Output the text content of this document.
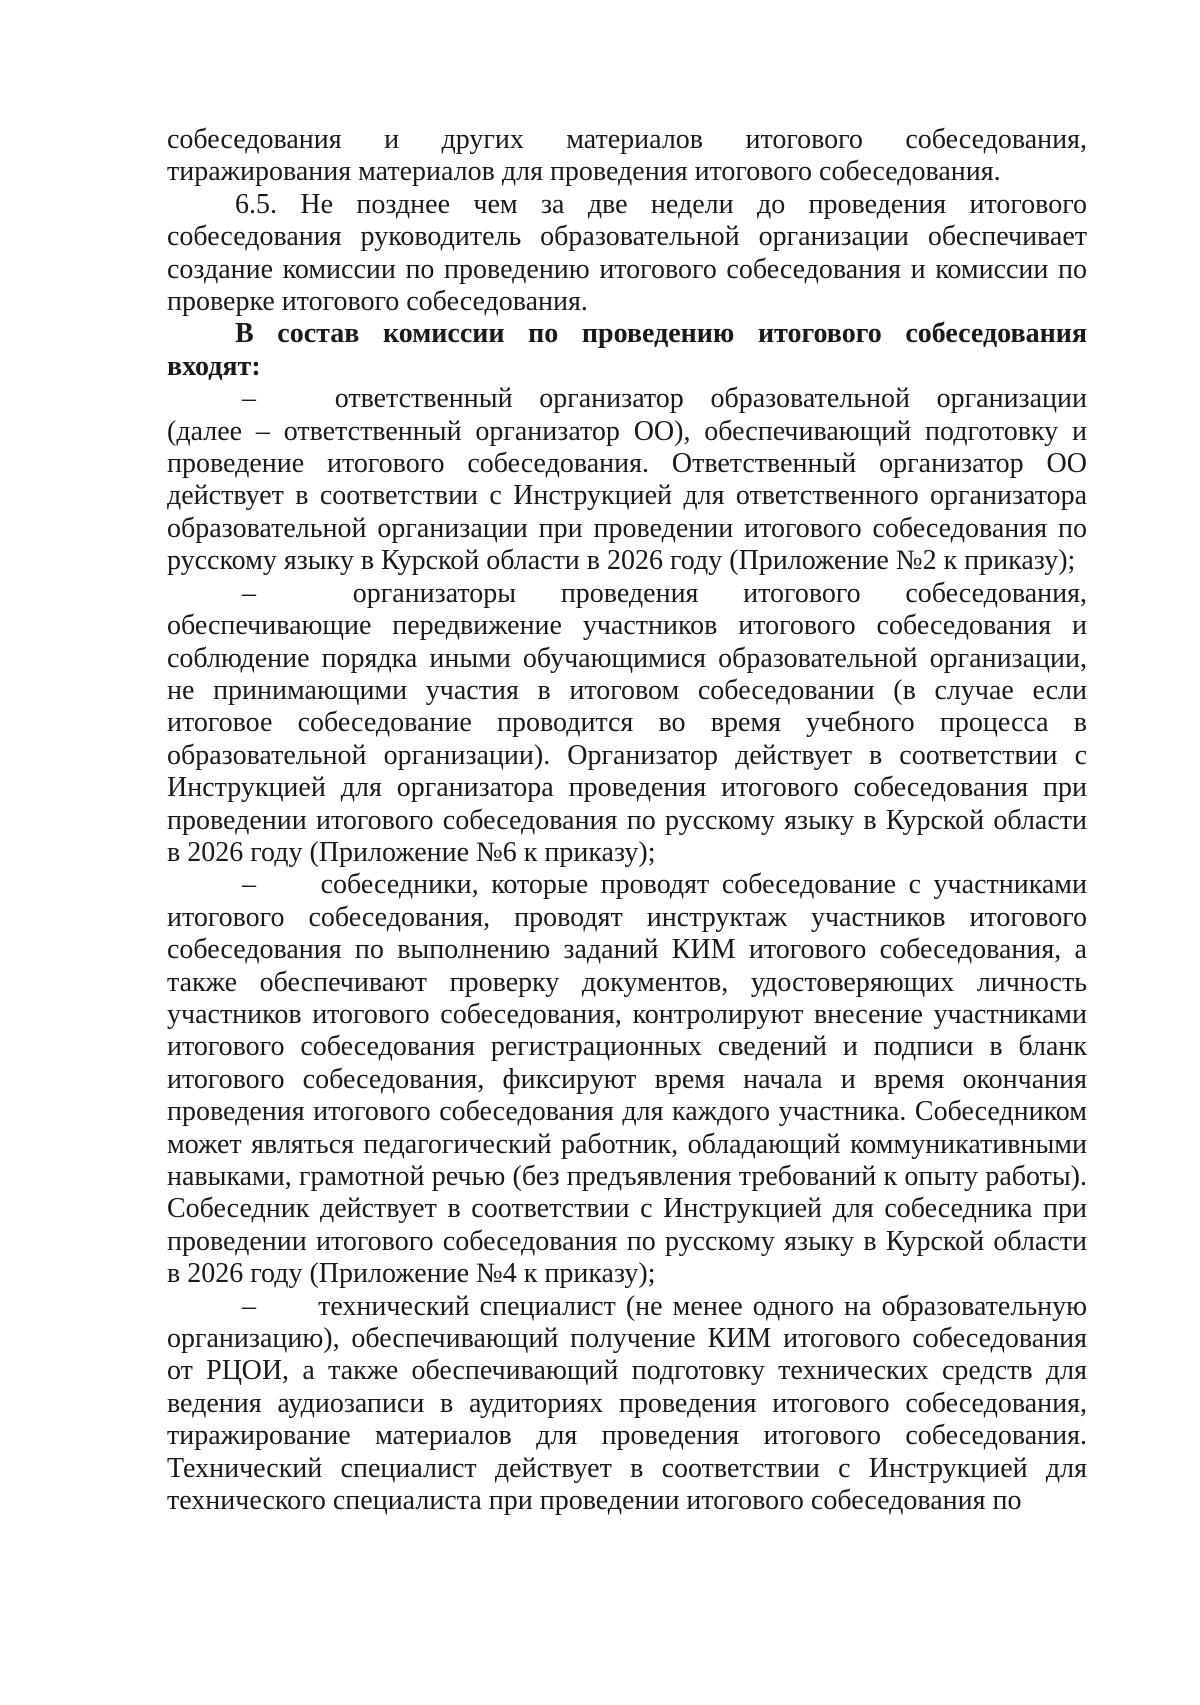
собеседования и других материалов итогового собеседования, тиражирования материалов для проведения итогового собеседования.

6.5. Не позднее чем за две недели до проведения итогового собеседования руководитель образовательной организации обеспечивает создание комиссии по проведению итогового собеседования и комиссии по проверке итогового собеседования.

В состав комиссии по проведению итогового собеседования входят:

–	ответственный организатор образовательной организации (далее – ответственный организатор ОО), обеспечивающий подготовку и проведение итогового собеседования. Ответственный организатор ОО действует в соответствии с Инструкцией для ответственного организатора образовательной организации при проведении итогового собеседования по русскому языку в Курской области в 2026 году (Приложение №2 к приказу);

–	организаторы проведения итогового собеседования, обеспечивающие передвижение участников итогового собеседования и соблюдение порядка иными обучающимися образовательной организации, не принимающими участия в итоговом собеседовании (в случае если итоговое собеседование проводится во время учебного процесса в образовательной организации). Организатор действует в соответствии с Инструкцией для организатора проведения итогового собеседования при проведении итогового собеседования по русскому языку в Курской области в 2026 году (Приложение №6 к приказу);

– собеседники, которые проводят собеседование с участниками итогового собеседования, проводят инструктаж участников итогового собеседования по выполнению заданий КИМ итогового собеседования, а также обеспечивают проверку документов, удостоверяющих личность участников итогового собеседования, контролируют внесение участниками итогового собеседования регистрационных сведений и подписи в бланк итогового собеседования, фиксируют время начала и время окончания проведения итогового собеседования для каждого участника. Собеседником может являться педагогический работник, обладающий коммуникативными навыками, грамотной речью (без предъявления требований к опыту работы). Собеседник действует в соответствии с Инструкцией для собеседника при проведении итогового собеседования по русскому языку в Курской области в 2026 году (Приложение №4 к приказу);

– технический специалист (не менее одного на образовательную организацию), обеспечивающий получение КИМ итогового собеседования от РЦОИ, а также обеспечивающий подготовку технических средств для ведения аудиозаписи в аудиториях проведения итогового собеседования, тиражирование материалов для проведения итогового собеседования. Технический специалист действует в соответствии с Инструкцией для технического специалиста при проведении итогового собеседования по
